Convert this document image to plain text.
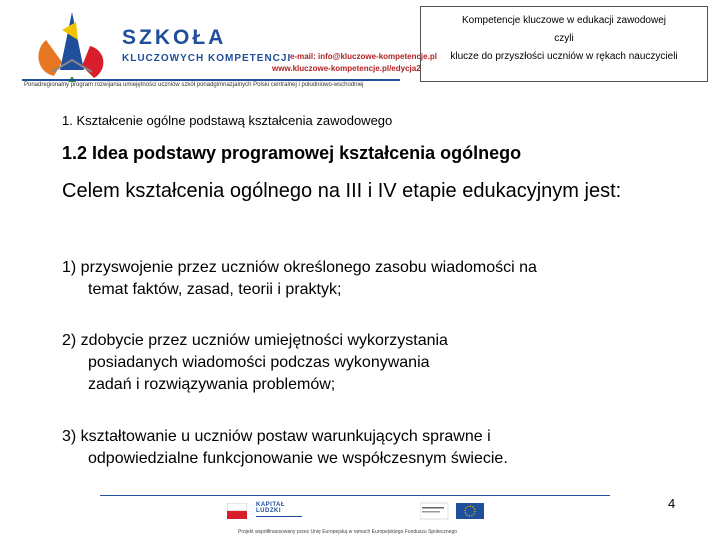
SZKOŁA
KLUCZOWYCH KOMPETENCJI
e-mail: info@kluczowe-kompetencje.pl
www.kluczowe-kompetencje.pl/edycja2
Ponadregionalny program rozwijania umiejętności uczniów szkół ponadgimnazjalnych Polski centralnej i południowo-wschodniej
Kompetencje kluczowe w edukacji zawodowej
czyli
klucze do przyszłości uczniów w rękach nauczycieli
1. Kształcenie ogólne podstawą kształcenia zawodowego
1.2 Idea podstawy programowej kształcenia ogólnego
Celem kształcenia ogólnego na III i IV etapie edukacyjnym jest:
1) przyswojenie przez uczniów określonego zasobu wiadomości na
temat faktów, zasad, teorii i praktyk;
2) zdobycie przez uczniów umiejętności wykorzystania
posiadanych wiadomości podczas wykonywania zadań i rozwiązywania problemów;
3) kształtowanie u uczniów postaw warunkujących sprawne i
odpowiedzialne funkcjonowanie we współczesnym świecie.
KAPITAŁ LUDZKI
Projekt współfinansowany przez Unię Europejską w ramach Europejskiego Funduszu Społecznego
4
